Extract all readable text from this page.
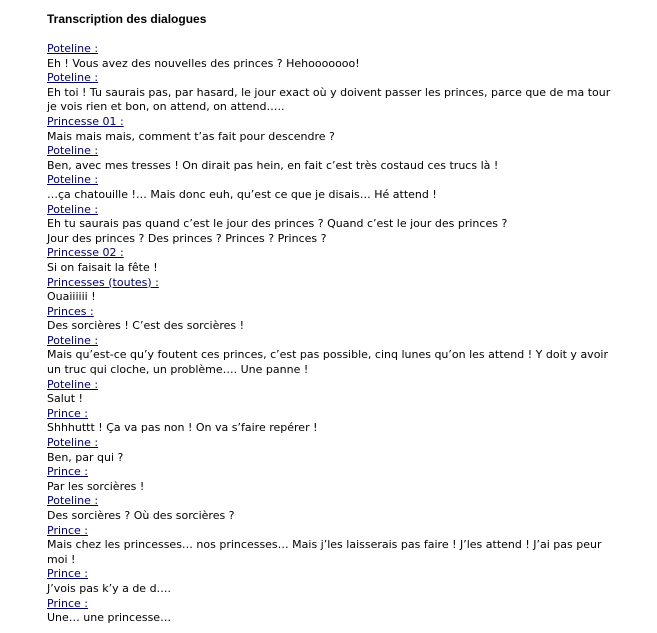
Transcription des dialogues
Poteline :
Eh ! Vous avez des nouvelles des princes ? Hehooooooo!
Poteline :
Eh toi ! Tu saurais pas, par hasard, le jour exact où y doivent passer les princes, parce que de ma tour je vois rien et bon, on attend, on attend…..
Princesse 01 :
Mais mais mais, comment t’as fait pour descendre ?
Poteline :
Ben, avec mes tresses ! On dirait pas hein, en fait c’est très costaud ces trucs là !
Poteline :
…ça chatouille !… Mais donc euh, qu’est ce que je disais… Hé attend !
Poteline :
Eh tu saurais pas quand c’est le jour des princes ? Quand c’est le jour des princes ?
Jour des princes ? Des princes ? Princes ? Princes ?
Princesse 02 :
Si on faisait la fête !
Princesses (toutes) :
Ouaiiiiii !
Princes :
Des sorcières ! C’est des sorcières !
Poteline :
Mais qu’est-ce qu’y foutent ces princes, c’est pas possible, cinq lunes qu’on les attend ! Y doit y avoir un truc qui cloche, un problème…. Une panne !
Poteline :
Salut !
Prince :
Shhhuttt ! Ça va pas non ! On va s’faire repérer !
Poteline :
Ben, par qui ?
Prince :
Par les sorcières !
Poteline :
Des sorcières ? Où des sorcières ?
Prince :
Mais chez les princesses… nos princesses… Mais j’les laisserais pas faire ! J’les attend ! J’ai pas peur moi !
Prince :
J’vois pas k’y a de d….
Prince :
Une… une princesse…
